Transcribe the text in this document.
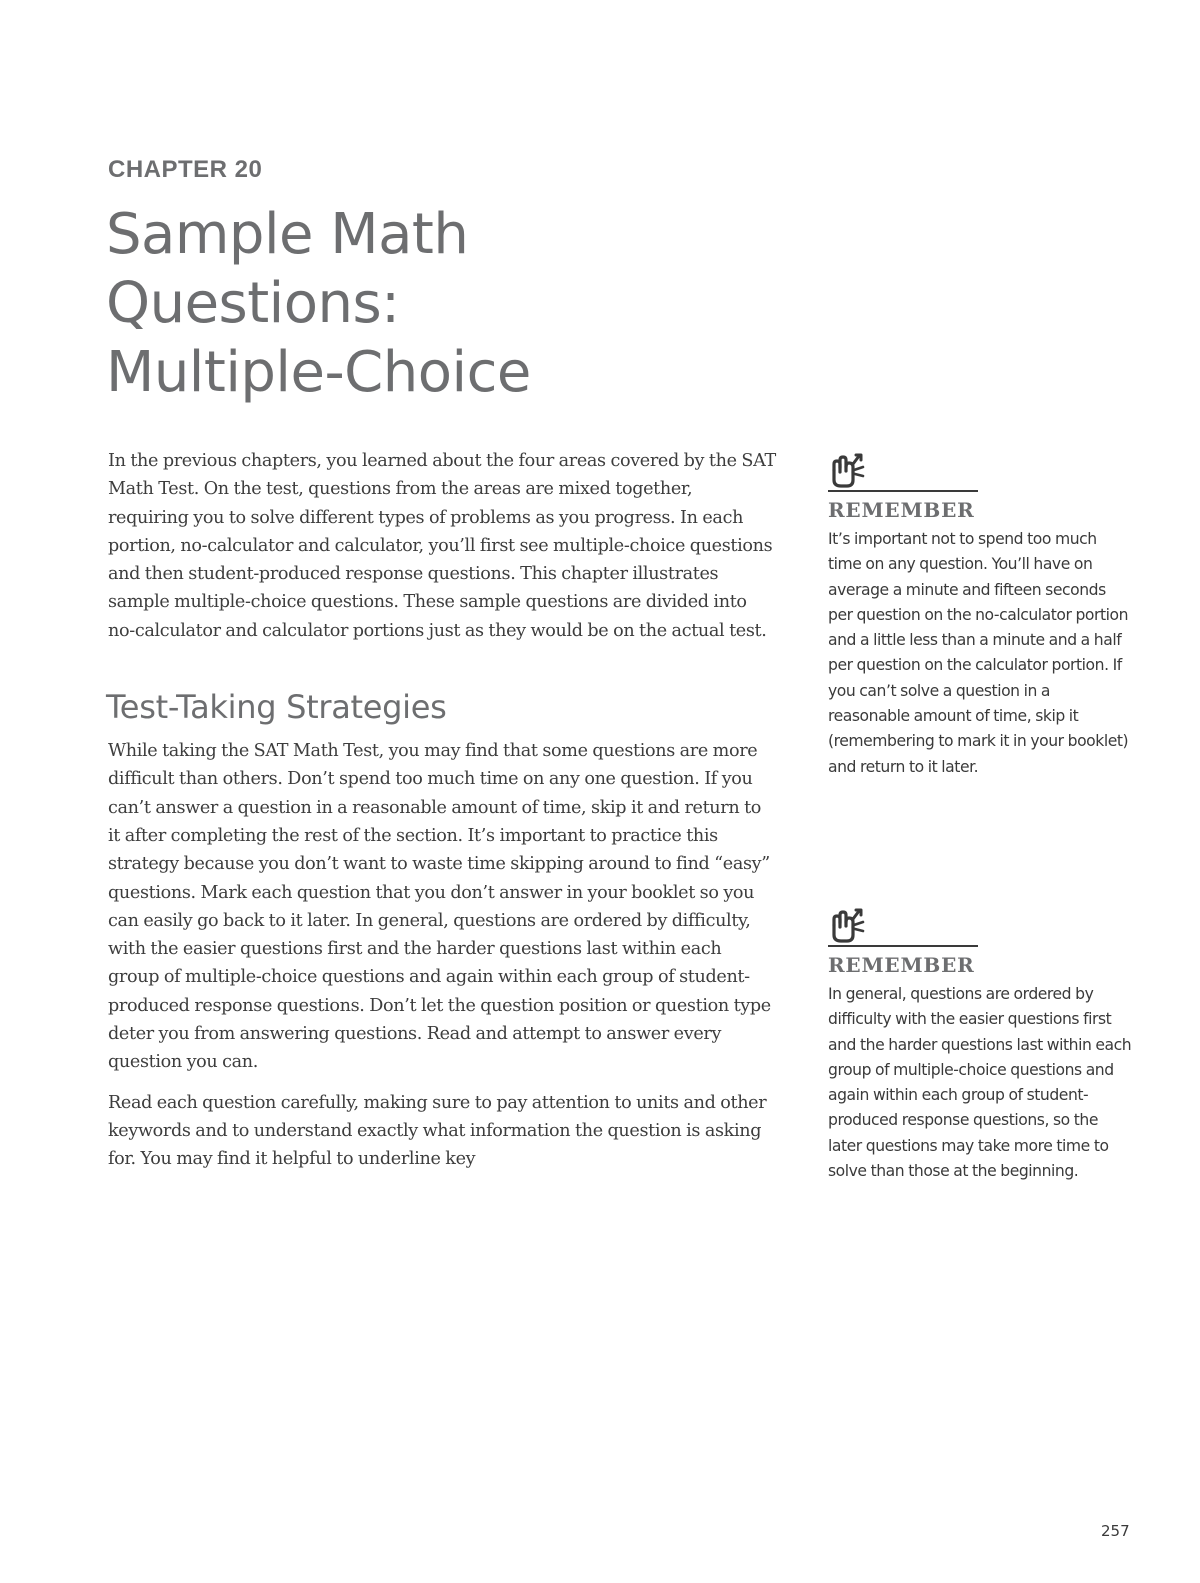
CHAPTER 20
Sample Math
Questions:
Multiple-Choice

In the previous chapters, you learned about the four areas covered by the SAT Math Test. On the test, questions from the areas are mixed together, requiring you to solve different types of problems as you progress. In each portion, no-calculator and calculator, you’ll first see multiple-choice questions and then student-produced response questions. This chapter illustrates sample multiple-choice questions. These sample questions are divided into no-calculator and calculator portions just as they would be on the actual test.

Test-Taking Strategies

While taking the SAT Math Test, you may find that some questions are more difficult than others. Don’t spend too much time on any one question. If you can’t answer a question in a reasonable amount of time, skip it and return to it after completing the rest of the section. It’s important to practice this strategy because you don’t want to waste time skipping around to find “easy” questions. Mark each question that you don’t answer in your booklet so you can easily go back to it later. In general, questions are ordered by difficulty, with the easier questions first and the harder questions last within each group of multiple-choice questions and again within each group of student-produced response questions. Don’t let the question position or question type deter you from answering questions. Read and attempt to answer every question you can.

Read each question carefully, making sure to pay attention to units and other keywords and to understand exactly what information the question is asking for. You may find it helpful to underline key

REMEMBER

It’s important not to spend too much time on any question. You’ll have on average a minute and fifteen seconds per question on the no-calculator portion and a little less than a minute and a half per question on the calculator portion. If you can’t solve a question in a reasonable amount of time, skip it (remembering to mark it in your booklet) and return to it later.

REMEMBER

In general, questions are ordered by difficulty with the easier questions first and the harder questions last within each group of multiple-choice questions and again within each group of student-produced response questions, so the later questions may take more time to solve than those at the beginning.

257
